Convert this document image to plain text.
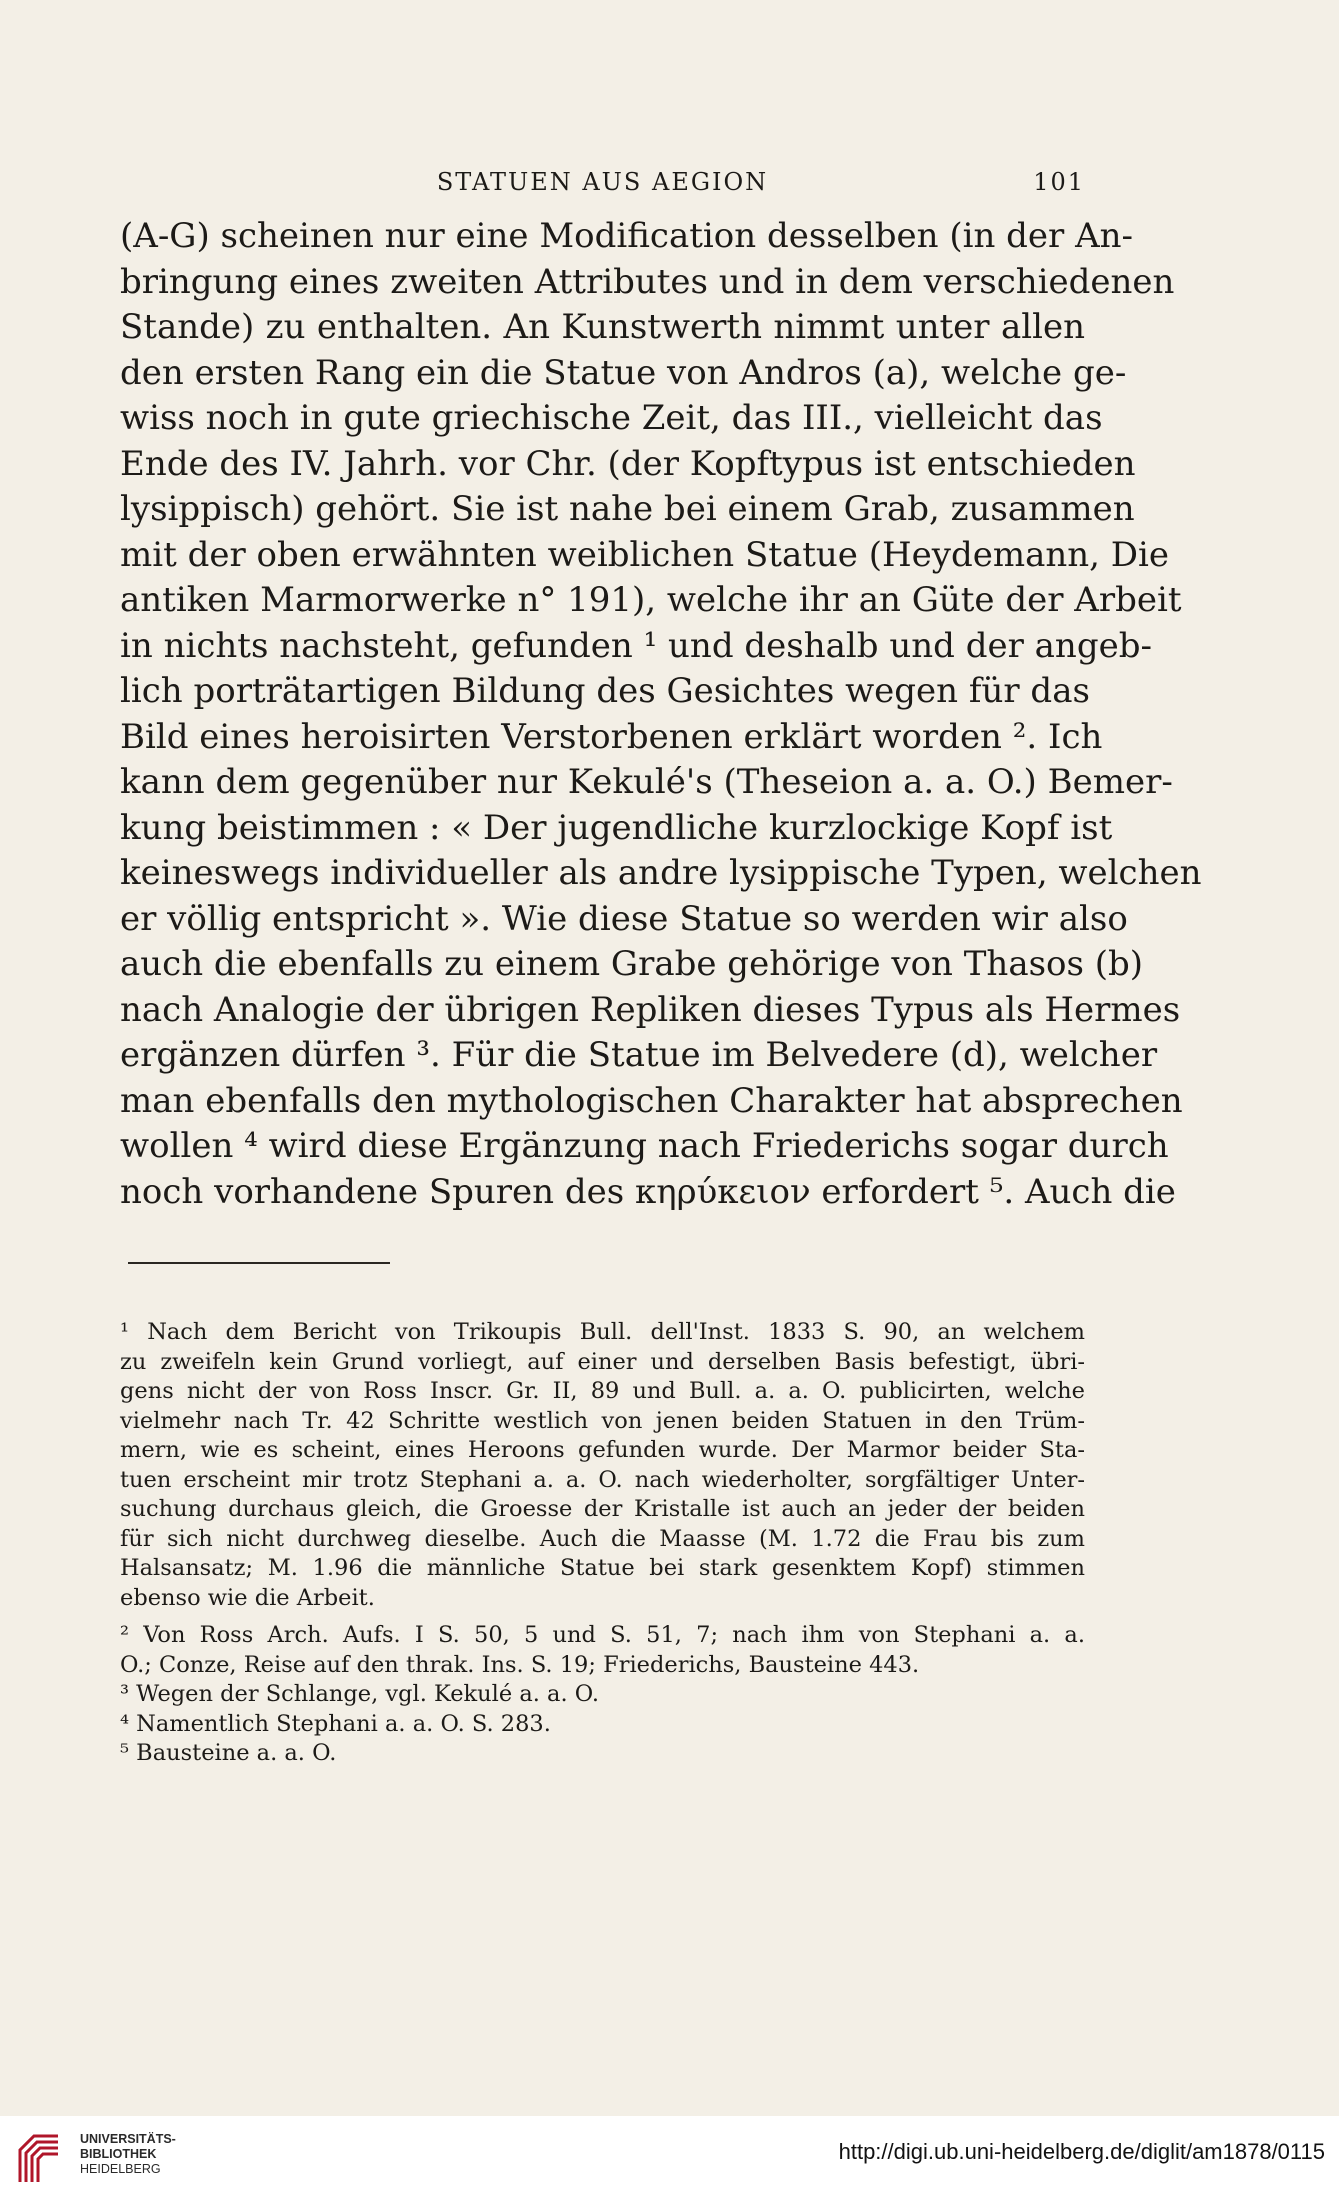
STATUEN AUS AEGION	101
(A-G) scheinen nur eine Modification desselben (in der An-
bringung eines zweiten Attributes und in dem verschiedenen
Stande) zu enthalten. An Kunstwerth nimmt unter allen
den ersten Rang ein die Statue von Andros (a), welche ge-
wiss noch in gute griechische Zeit, das III., vielleicht das
Ende des IV. Jahrh. vor Chr. (der Kopftypus ist entschieden
lysippisch) gehört. Sie ist nahe bei einem Grab, zusammen
mit der oben erwähnten weiblichen Statue (Heydemann, Die
antiken Marmorwerke n° 191), welche ihr an Güte der Arbeit
in nichts nachsteht, gefunden ¹ und deshalb und der angeb-
lich porträtartigen Bildung des Gesichtes wegen für das
Bild eines heroisirten Verstorbenen erklärt worden ². Ich
kann dem gegenüber nur Kekulé's (Theseion a. a. O.) Bemer-
kung beistimmen : « Der jugendliche kurzlockige Kopf ist
keineswegs individueller als andre lysippische Typen, welchen
er völlig entspricht ». Wie diese Statue so werden wir also
auch die ebenfalls zu einem Grabe gehörige von Thasos (b)
nach Analogie der übrigen Repliken dieses Typus als Hermes
ergänzen dürfen ³. Für die Statue im Belvedere (d), welcher
man ebenfalls den mythologischen Charakter hat absprechen
wollen ⁴ wird diese Ergänzung nach Friederichs sogar durch
noch vorhandene Spuren des κηρύκειον erfordert ⁵. Auch die
¹ Nach dem Bericht von Trikoupis Bull. dell'Inst. 1833 S. 90, an welchem
zu zweifeln kein Grund vorliegt, auf einer und derselben Basis befestigt, übri-
gens nicht der von Ross Inscr. Gr. II, 89 und Bull. a. a. O. publicirten, welche
vielmehr nach Tr. 42 Schritte westlich von jenen beiden Statuen in den Trüm-
mern, wie es scheint, eines Heroons gefunden wurde. Der Marmor beider Sta-
tuen erscheint mir trotz Stephani a. a. O. nach wiederholter, sorgfältiger Unter-
suchung durchaus gleich, die Groesse der Kristalle ist auch an jeder der beiden
für sich nicht durchweg dieselbe. Auch die Maasse (M. 1.72 die Frau bis zum
Halsansatz; M. 1.96 die männliche Statue bei stark gesenktem Kopf) stimmen
ebenso wie die Arbeit.
² Von Ross Arch. Aufs. I S. 50, 5 und S. 51, 7; nach ihm von Stephani a. a.
O.; Conze, Reise auf den thrak. Ins. S. 19; Friederichs, Bausteine 443.
³ Wegen der Schlange, vgl. Kekulé a. a. O.
⁴ Namentlich Stephani a. a. O. S. 283.
⁵ Bausteine a. a. O.
UNIVERSITÄTS-
BIBLIOTHEK
HEIDELBERG
http://digi.ub.uni-heidelberg.de/diglit/am1878/0115
